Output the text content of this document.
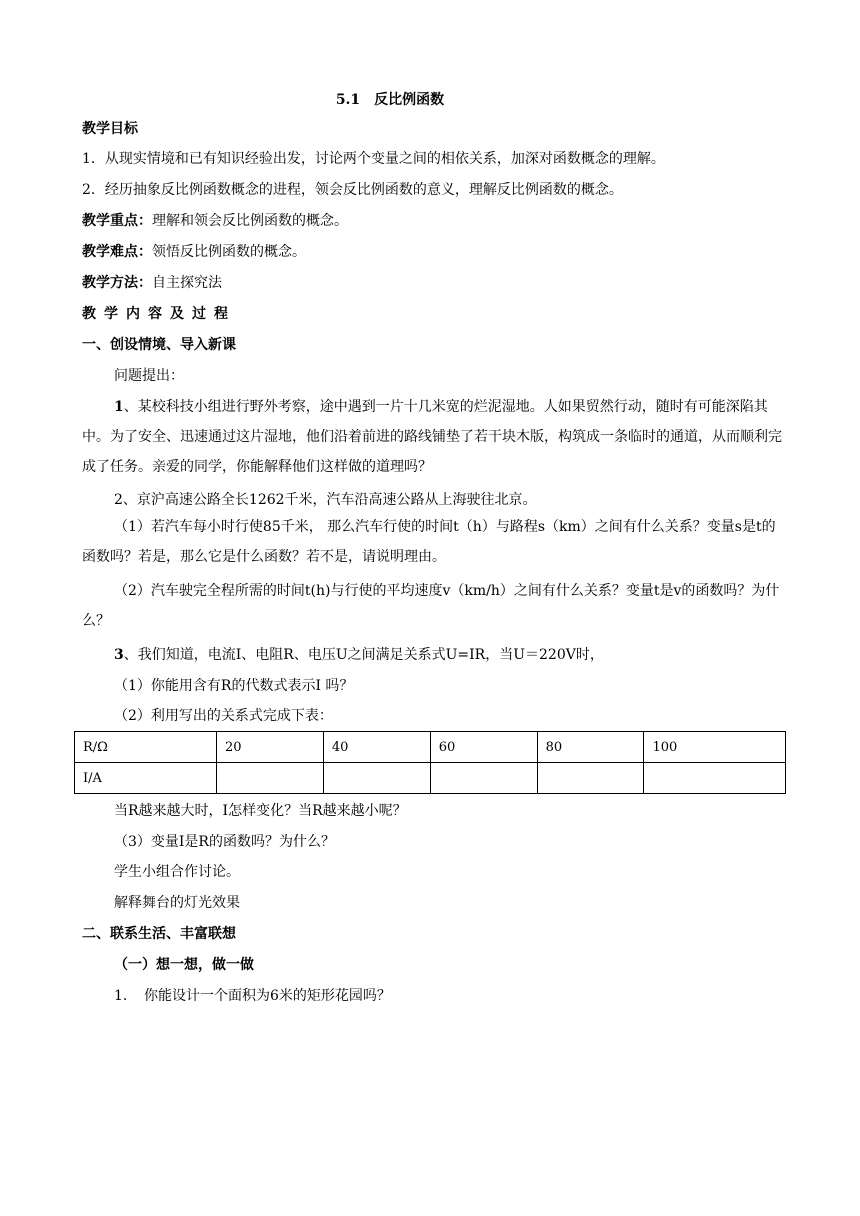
5.1 反比例函数
教学目标
1．从现实情境和已有知识经验出发，讨论两个变量之间的相依关系，加深对函数概念的理解。
2．经历抽象反比例函数概念的进程，领会反比例函数的意义，理解反比例函数的概念。
教学重点：理解和领会反比例函数的概念。
教学难点：领悟反比例函数的概念。
教学方法：自主探究法
教学内容及过程
一、创设情境、导入新课
问题提出：
1、某校科技小组进行野外考察，途中遇到一片十几米宽的烂泥湿地。人如果贸然行动，随时有可能深陷其中。为了安全、迅速通过这片湿地，他们沿着前进的路线铺垫了若干块木版，构筑成一条临时的通道，从而顺利完成了任务。亲爱的同学，你能解释他们这样做的道理吗？
2、京沪高速公路全长1262千米，汽车沿高速公路从上海驶往北京。
（1）若汽车每小时行使85千米， 那么汽车行使的时间t（h）与路程s（km）之间有什么关系？变量s是t的函数吗？若是，那么它是什么函数？若不是，请说明理由。
（2）汽车驶完全程所需的时间t(h)与行使的平均速度v（km/h）之间有什么关系？变量t是v的函数吗？为什么？
3、我们知道，电流I、电阻R、电压U之间满足关系式U=IR，当U＝220V时，
（1）你能用含有R的代数式表示I 吗？
（2）利用写出的关系式完成下表：
R/Ω	20	40	60	80	100
I/A					
当R越来越大时，I怎样变化？当R越来越小呢？
（3）变量I是R的函数吗？为什么？
学生小组合作讨论。
解释舞台的灯光效果
二、联系生活、丰富联想
（一）想一想，做一做
1. 你能设计一个面积为6米的矩形花园吗？
